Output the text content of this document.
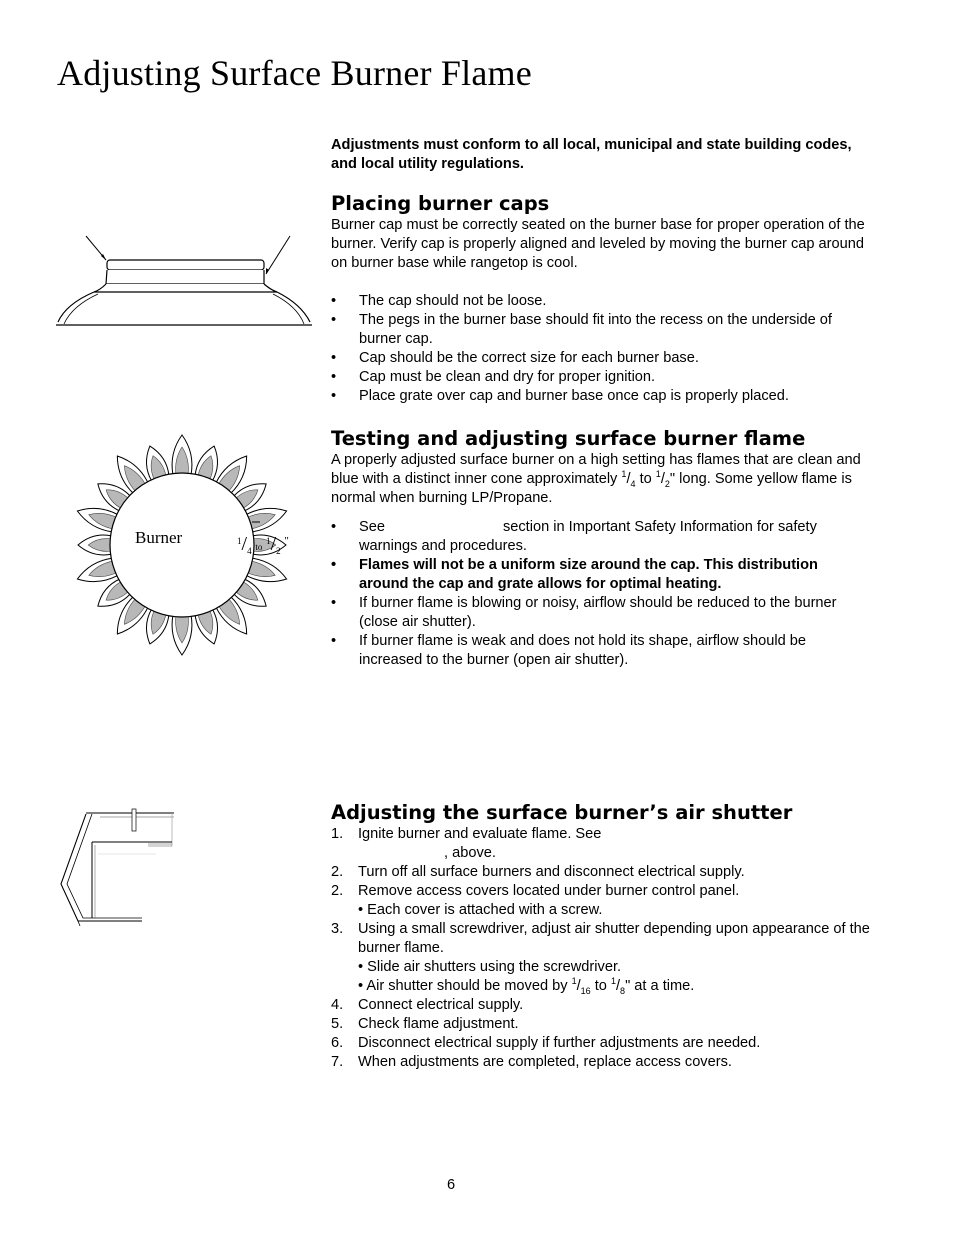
Adjusting Surface Burner Flame
Adjustments must conform to all local, municipal and state building codes, and local utility regulations.
Placing burner caps

Burner cap must be correctly seated on the burner base for proper operation of the burner. Verify cap is properly aligned and leveled by moving the burner cap around on burner base while rangetop is cool.

• The cap should not be loose.
• The pegs in the burner base should fit into the recess on the underside of burner cap.
• Cap should be the correct size for each burner base.
• Cap must be clean and dry for proper ignition.
• Place grate over cap and burner base once cap is properly placed.
Burner	$^1/_4$ to $^1/_2$ "
Testing and adjusting surface burner flame

A properly adjusted surface burner on a high setting has flames that are clean and blue with a distinct inner cone approximately $^1/_4$ to $^1/_2$" long. Some yellow flame is normal when burning LP/Propane.

• See	section in Important Safety Information for safety warnings and procedures.
• Flames will not be a uniform size around the cap. This distribution around the cap and grate allows for optimal heating.
• If burner flame is blowing or noisy, airflow should be reduced to the burner (close air shutter).
• If burner flame is weak and does not hold its shape, airflow should be increased to the burner (open air shutter).
Adjusting the surface burner’s air shutter
1. Ignite burner and evaluate flame. See
, above.
2. Turn off all surface burners and disconnect electrical supply.
2. Remove access covers located under burner control panel.
• Each cover is attached with a screw.
3. Using a small screwdriver, adjust air shutter depending upon appearance of the burner flame.
• Slide air shutters using the screwdriver.
• Air shutter should be moved by $^1/_{16}$ to $^1/_8$" at a time.
4. Connect electrical supply.
5. Check flame adjustment.
6. Disconnect electrical supply if further adjustments are needed.
7. When adjustments are completed, replace access covers.
6
